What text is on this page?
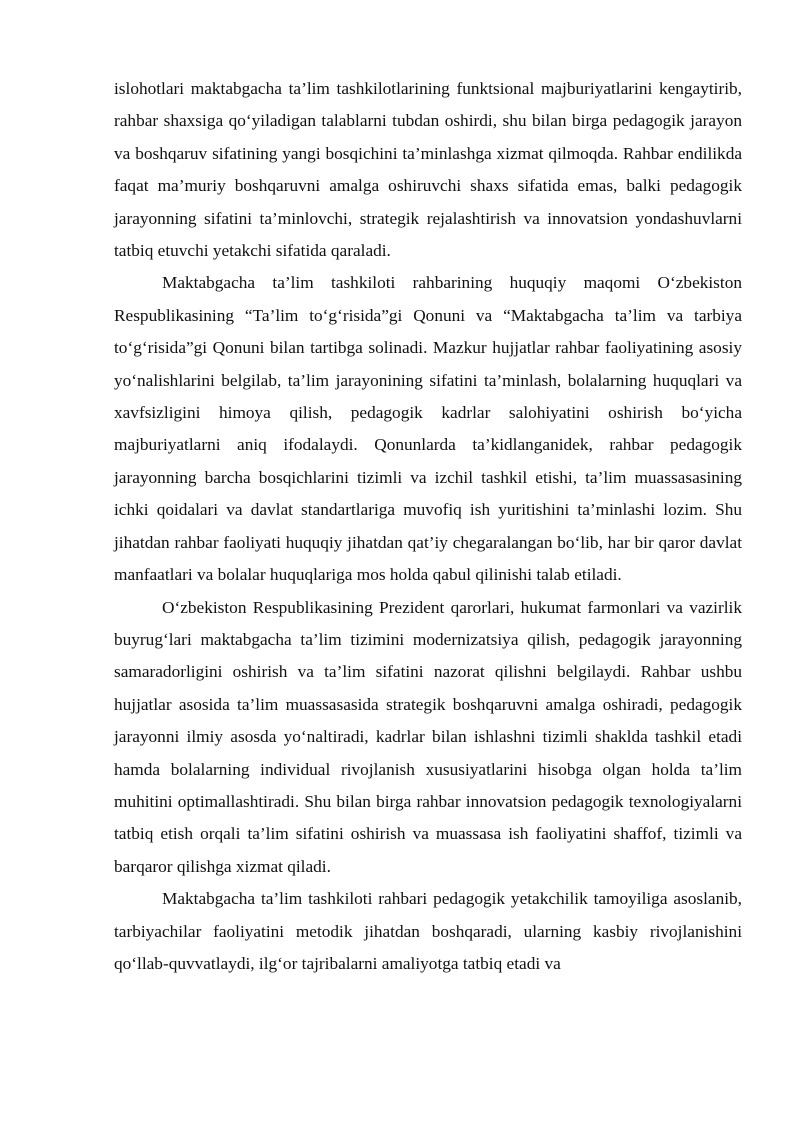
islohotlari maktabgacha ta’lim tashkilotlarining funktsional majburiyatlarini kengaytirib, rahbar shaxsiga qo‘yiladigan talablarni tubdan oshirdi, shu bilan birga pedagogik jarayon va boshqaruv sifatining yangi bosqichini ta’minlashga xizmat qilmoqda. Rahbar endilikda faqat ma’muriy boshqaruvni amalga oshiruvchi shaxs sifatida emas, balki pedagogik jarayonning sifatini ta’minlovchi, strategik rejalashtirish va innovatsion yondashuvlarni tatbiq etuvchi yetakchi sifatida qaraladi.

Maktabgacha ta’lim tashkiloti rahbarining huquqiy maqomi O‘zbekiston Respublikasining “Ta’lim to‘g‘risida”gi Qonuni va “Maktabgacha ta’lim va tarbiya to‘g‘risida”gi Qonuni bilan tartibga solinadi. Mazkur hujjatlar rahbar faoliyatining asosiy yo‘nalishlarini belgilab, ta’lim jarayonining sifatini ta’minlash, bolalarning huquqlari va xavfsizligini himoya qilish, pedagogik kadrlar salohiyatini oshirish bo‘yicha majburiyatlarni aniq ifodalaydi. Qonunlarda ta’kidlanganidek, rahbar pedagogik jarayonning barcha bosqichlarini tizimli va izchil tashkil etishi, ta’lim muassasasining ichki qoidalari va davlat standartlariga muvofiq ish yuritishini ta’minlashi lozim. Shu jihatdan rahbar faoliyati huquqiy jihatdan qat’iy chegaralangan bo‘lib, har bir qaror davlat manfaatlari va bolalar huquqlariga mos holda qabul qilinishi talab etiladi.

O‘zbekiston Respublikasining Prezident qarorlari, hukumat farmonlari va vazirlik buyrug‘lari maktabgacha ta’lim tizimini modernizatsiya qilish, pedagogik jarayonning samaradorligini oshirish va ta’lim sifatini nazorat qilishni belgilaydi. Rahbar ushbu hujjatlar asosida ta’lim muassasasida strategik boshqaruvni amalga oshiradi, pedagogik jarayonni ilmiy asosda yo‘naltiradi, kadrlar bilan ishlashni tizimli shaklda tashkil etadi hamda bolalarning individual rivojlanish xususiyatlarini hisobga olgan holda ta’lim muhitini optimallashtiradi. Shu bilan birga rahbar innovatsion pedagogik texnologiyalarni tatbiq etish orqali ta’lim sifatini oshirish va muassasa ish faoliyatini shaffof, tizimli va barqaror qilishga xizmat qiladi.

Maktabgacha ta’lim tashkiloti rahbari pedagogik yetakchilik tamoyiliga asoslanib, tarbiyachilar faoliyatini metodik jihatdan boshqaradi, ularning kasbiy rivojlanishini qo‘llab-quvvatlaydi, ilg‘or tajribalarni amaliyotga tatbiq etadi va
